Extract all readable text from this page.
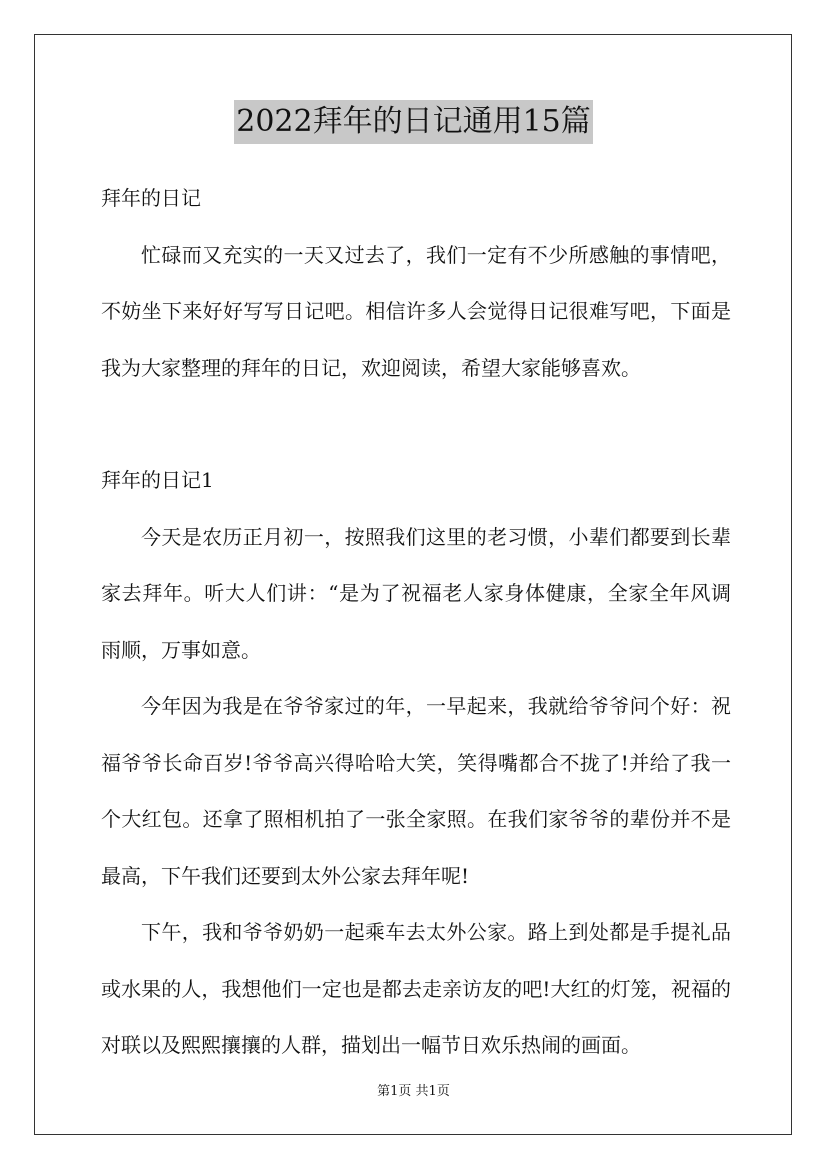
2022拜年的日记通用15篇

拜年的日记

忙碌而又充实的一天又过去了，我们一定有不少所感触的事情吧，不妨坐下来好好写写日记吧。相信许多人会觉得日记很难写吧，下面是我为大家整理的拜年的日记，欢迎阅读，希望大家能够喜欢。

拜年的日记1

今天是农历正月初一，按照我们这里的老习惯，小辈们都要到长辈家去拜年。听大人们讲：“是为了祝福老人家身体健康，全家全年风调雨顺，万事如意。

今年因为我是在爷爷家过的年，一早起来，我就给爷爷问个好：祝福爷爷长命百岁!爷爷高兴得哈哈大笑，笑得嘴都合不拢了!并给了我一个大红包。还拿了照相机拍了一张全家照。在我们家爷爷的辈份并不是最高，下午我们还要到太外公家去拜年呢!

下午，我和爷爷奶奶一起乘车去太外公家。路上到处都是手提礼品或水果的人，我想他们一定也是都去走亲访友的吧!大红的灯笼，祝福的对联以及熙熙攘攘的人群，描划出一幅节日欢乐热闹的画面。

第1页 共1页
